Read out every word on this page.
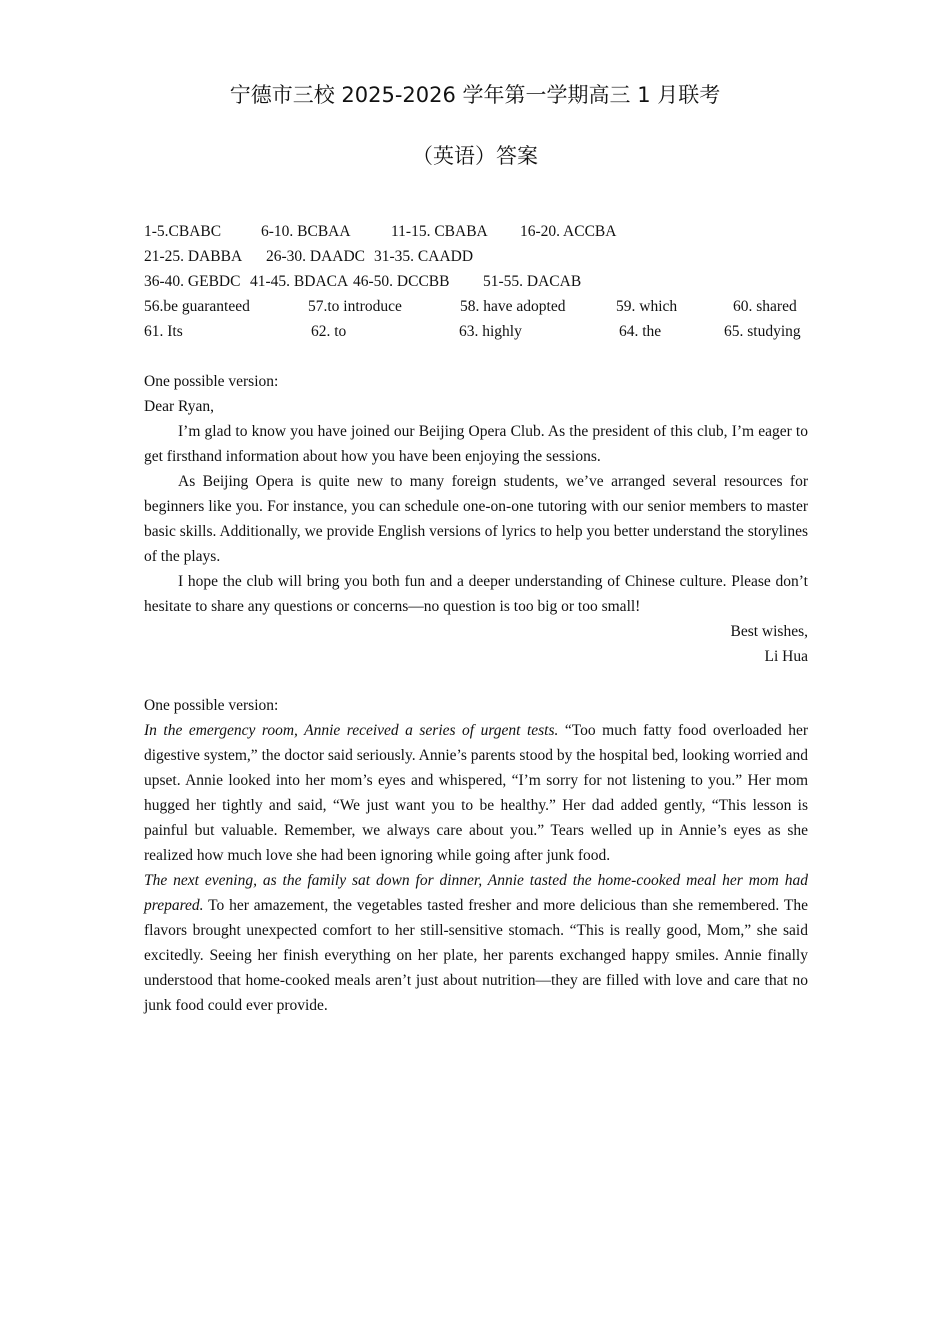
宁德市三校 2025-2026 学年第一学期高三 1 月联考
（英语）答案
1-5.CBABC	6-10. BCBAA	11-15. CBABA 16-20. ACCBA
21-25. DABBA 26-30. DAADC 31-35. CAADD
36-40. GEBDC 41-45. BDACA 46-50. DCCBB 51-55. DACAB
56.be guaranteed	57.to introduce	58. have adopted	59. which	60. shared
61. Its	62. to	63. highly	64. the	65. studying
One possible version:
Dear Ryan,
I’m glad to know you have joined our Beijing Opera Club. As the president of this club, I’m eager to get firsthand information about how you have been enjoying the sessions.
As Beijing Opera is quite new to many foreign students, we’ve arranged several resources for beginners like you. For instance, you can schedule one-on-one tutoring with our senior members to master basic skills. Additionally, we provide English versions of lyrics to help you better understand the storylines of the plays.
I hope the club will bring you both fun and a deeper understanding of Chinese culture. Please don’t hesitate to share any questions or concerns—no question is too big or too small!
Best wishes,
Li Hua
One possible version:
In the emergency room, Annie received a series of urgent tests. “Too much fatty food overloaded her digestive system,” the doctor said seriously. Annie’s parents stood by the hospital bed, looking worried and upset. Annie looked into her mom’s eyes and whispered, “I’m sorry for not listening to you.” Her mom hugged her tightly and said, “We just want you to be healthy.” Her dad added gently, “This lesson is painful but valuable. Remember, we always care about you.” Tears welled up in Annie’s eyes as she realized how much love she had been ignoring while going after junk food.
The next evening, as the family sat down for dinner, Annie tasted the home-cooked meal her mom had prepared. To her amazement, the vegetables tasted fresher and more delicious than she remembered. The flavors brought unexpected comfort to her still-sensitive stomach. “This is really good, Mom,” she said excitedly. Seeing her finish everything on her plate, her parents exchanged happy smiles. Annie finally understood that home-cooked meals aren’t just about nutrition—they are filled with love and care that no junk food could ever provide.
